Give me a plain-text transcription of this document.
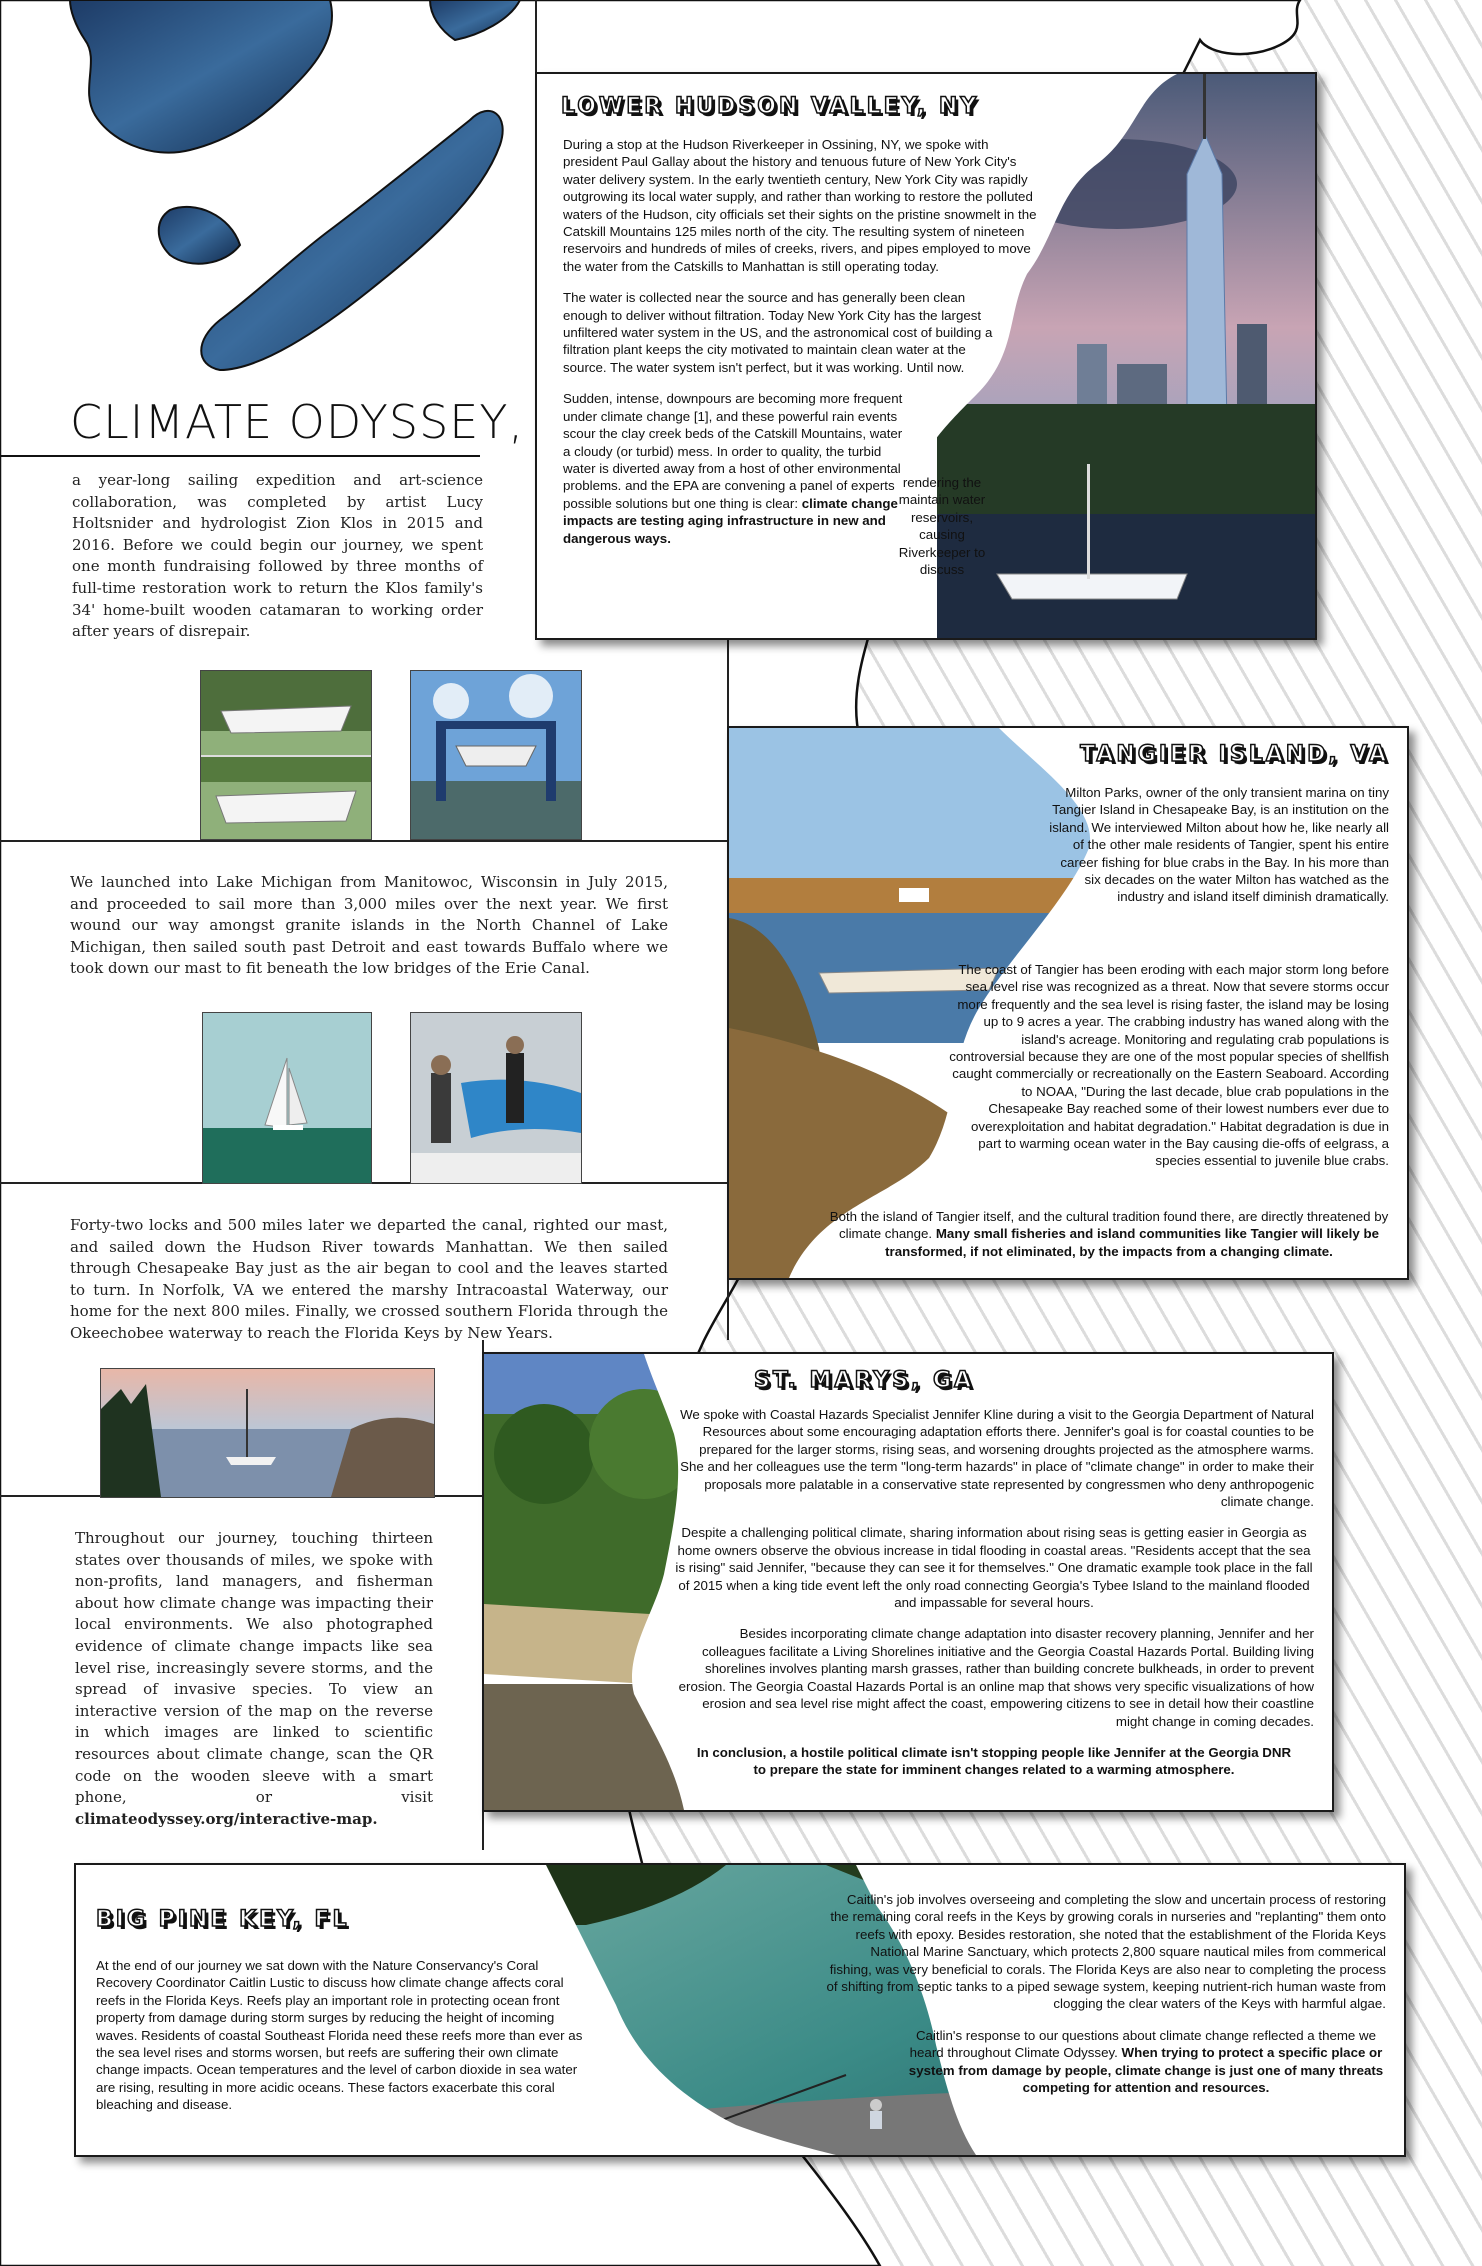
CLIMATE ODYSSEY,
a year-long sailing expedition and art-science collaboration, was completed by artist Lucy Holtsnider and hydrologist Zion Klos in 2015 and 2016. Before we could begin our journey, we spent one month fundraising followed by three months of full-time restoration work to return the Klos family's 34' home-built wooden catamaran to working order after years of disrepair.
We launched into Lake Michigan from Manitowoc, Wisconsin in July 2015, and proceeded to sail more than 3,000 miles over the next year. We first wound our way amongst granite islands in the North Channel of Lake Michigan, then sailed south past Detroit and east towards Buffalo where we took down our mast to fit beneath the low bridges of the Erie Canal.
Forty-two locks and 500 miles later we departed the canal, righted our mast, and sailed down the Hudson River towards Manhattan. We then sailed through Chesapeake Bay just as the air began to cool and the leaves started to turn. In Norfolk, VA we entered the marshy Intracoastal Waterway, our home for the next 800 miles. Finally, we crossed southern Florida through the Okeechobee waterway to reach the Florida Keys by New Years.
Throughout our journey, touching thirteen states over thousands of miles, we spoke with non-profits, land managers, and fisherman about how climate change was impacting their local environments. We also photographed evidence of climate change impacts like sea level rise, increasingly severe storms, and the spread of invasive species. To view an interactive version of the map on the reverse in which images are linked to scientific resources about climate change, scan the QR code on the wooden sleeve with a smart phone, or visit climateodyssey.org/interactive-map.
LOWER HUDSON VALLEY, NY

During a stop at the Hudson Riverkeeper in Ossining, NY, we spoke with president Paul Gallay about the history and tenuous future of New York City's water delivery system. In the early twentieth century, New York City was rapidly outgrowing its local water supply, and rather than working to restore the polluted waters of the Hudson, city officials set their sights on the pristine snowmelt in the Catskill Mountains 125 miles north of the city. The resulting system of nineteen reservoirs and hundreds of miles of creeks, rivers, and pipes employed to move the water from the Catskills to Manhattan is still operating today.

The water is collected near the source and has generally been clean enough to deliver without filtration. Today New York City has the largest unfiltered water system in the US, and the astronomical cost of building a filtration plant keeps the city motivated to maintain clean water at the source. The water system isn't perfect, but it was working. Until now.

Sudden, intense, downpours are becoming more frequent under climate change [1], and these powerful rain events scour the clay creek beds of the Catskill Mountains, water a cloudy (or turbid) mess. In order to quality, the turbid water is diverted away from a host of other environmental problems. and the EPA are convening a panel of experts possible solutions but one thing is clear: climate change impacts are testing aging infrastructure in new and dangerous ways.

rendering the maintain water reservoirs, causing Riverkeeper to discuss
TANGIER ISLAND, VA
Milton Parks, owner of the only transient marina on tiny Tangier Island in Chesapeake Bay, is an institution on the island. We interviewed Milton about how he, like nearly all of the other male residents of Tangier, spent his entire career fishing for blue crabs in the Bay. In his more than six decades on the water Milton has watched as the industry and island itself diminish dramatically.
The coast of Tangier has been eroding with each major storm long before sea level rise was recognized as a threat. Now that severe storms occur more frequently and the sea level is rising faster, the island may be losing up to 9 acres a year. The crabbing industry has waned along with the island's acreage. Monitoring and regulating crab populations is controversial because they are one of the most popular species of shellfish caught commercially or recreationally on the Eastern Seaboard. According to NOAA, "During the last decade, blue crab populations in the Chesapeake Bay reached some of their lowest numbers ever due to overexploitation and habitat degradation." Habitat degradation is due in part to warming ocean water in the Bay causing die-offs of eelgrass, a species essential to juvenile blue crabs.
Both the island of Tangier itself, and the cultural tradition found there, are directly threatened by climate change. Many small fisheries and island communities like Tangier will likely be transformed, if not eliminated, by the impacts from a changing climate.
ST. MARYS, GA

We spoke with Coastal Hazards Specialist Jennifer Kline during a visit to the Georgia Department of Natural Resources about some encouraging adaptation efforts there. Jennifer's goal is for coastal counties to be prepared for the larger storms, rising seas, and worsening droughts projected as the atmosphere warms. She and her colleagues use the term "long-term hazards" in place of "climate change" in order to make their proposals more palatable in a conservative state represented by congressmen who deny anthropogenic climate change.

Despite a challenging political climate, sharing information about rising seas is getting easier in Georgia as home owners observe the obvious increase in tidal flooding in coastal areas. "Residents accept that the sea is rising" said Jennifer, "because they can see it for themselves." One dramatic example took place in the fall of 2015 when a king tide event left the only road connecting Georgia's Tybee Island to the mainland flooded and impassable for several hours.

Besides incorporating climate change adaptation into disaster recovery planning, Jennifer and her colleagues facilitate a Living Shorelines initiative and the Georgia Coastal Hazards Portal. Building living shorelines involves planting marsh grasses, rather than building concrete bulkheads, in order to prevent erosion. The Georgia Coastal Hazards Portal is an online map that shows very specific visualizations of how erosion and sea level rise might affect the coast, empowering citizens to see in detail how their coastline might change in coming decades.

In conclusion, a hostile political climate isn't stopping people like Jennifer at the Georgia DNR to prepare the state for imminent changes related to a warming atmosphere.

BIG PINE KEY, FL
At the end of our journey we sat down with the Nature Conservancy's Coral Recovery Coordinator Caitlin Lustic to discuss how climate change affects coral reefs in the Florida Keys. Reefs play an important role in protecting ocean front property from damage during storm surges by reducing the height of incoming waves. Residents of coastal Southeast Florida need these reefs more than ever as the sea level rises and storms worsen, but reefs are suffering their own climate change impacts. Ocean temperatures and the level of carbon dioxide in sea water are rising, resulting in more acidic oceans. These factors exacerbate this coral bleaching and disease.

Caitlin's job involves overseeing and completing the slow and uncertain process of restoring the remaining coral reefs in the Keys by growing corals in nurseries and "replanting" them onto reefs with epoxy. Besides restoration, she noted that the establishment of the Florida Keys National Marine Sanctuary, which protects 2,800 square nautical miles from commerical fishing, was very beneficial to corals. The Florida Keys are also near to completing the process of shifting from septic tanks to a piped sewage system, keeping nutrient-rich human waste from clogging the clear waters of the Keys with harmful algae.

Caitlin's response to our questions about climate change reflected a theme we heard throughout Climate Odyssey. When trying to protect a specific place or system from damage by people, climate change is just one of many threats competing for attention and resources.
